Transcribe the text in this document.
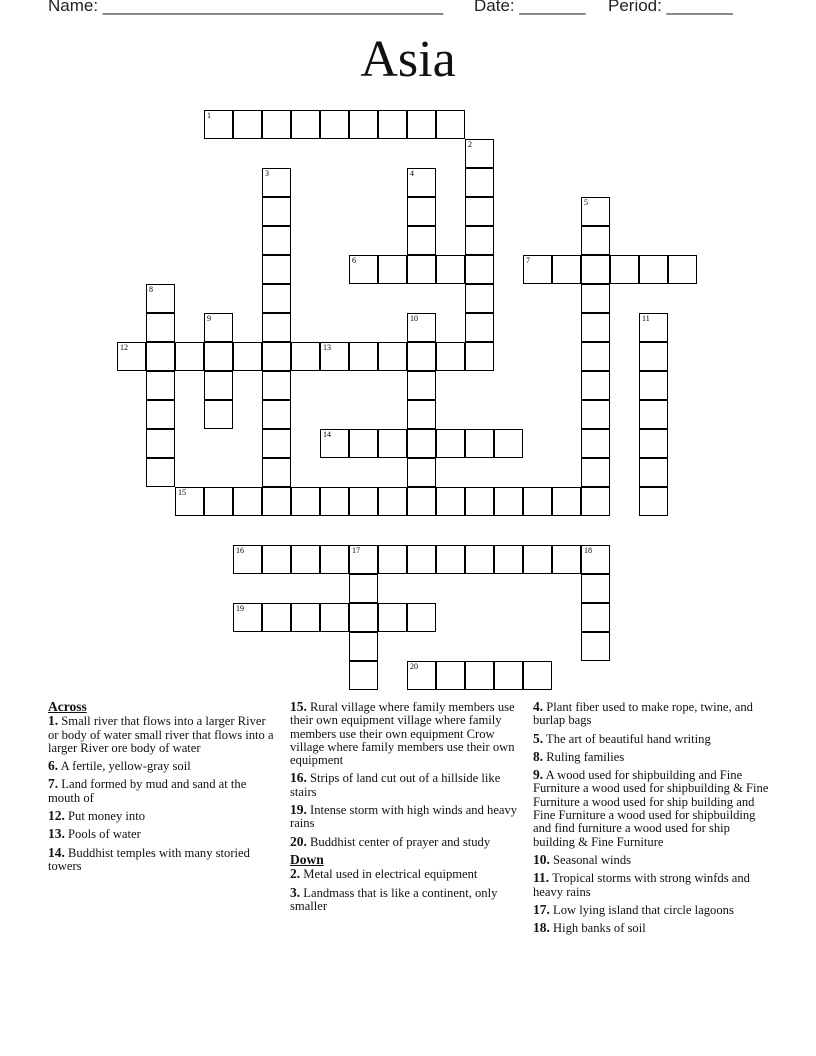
Name: ____________________________________ Date: _______ Period: _______
Asia
1
2
3	4
5
6	7
8
9	10	11
12	13
14
15
16	17	18
19
20
Across
1. Small river that flows into a larger River or body of water small river that flows into a larger River ore body of water
6. A fertile, yellow-gray soil
7. Land formed by mud and sand at the mouth of
12. Put money into
13. Pools of water
14. Buddhist temples with many storied towers
15. Rural village where family members use their own equipment village where family members use their own equipment Crow village where family members use their own equipment
16. Strips of land cut out of a hillside like stairs
19. Intense storm with high winds and heavy rains
20. Buddhist center of prayer and study
Down
2. Metal used in electrical equipment
3. Landmass that is like a continent, only smaller
4. Plant fiber used to make rope, twine, and burlap bags
5. The art of beautiful hand writing
8. Ruling families
9. A wood used for shipbuilding and Fine Furniture a wood used for shipbuilding & Fine Furniture a wood used for ship building and Fine Furniture a wood used for shipbuilding and find furniture a wood used for ship building & Fine Furniture
10. Seasonal winds
11. Tropical storms with strong winfds and heavy rains
17. Low lying island that circle lagoons
18. High banks of soil
